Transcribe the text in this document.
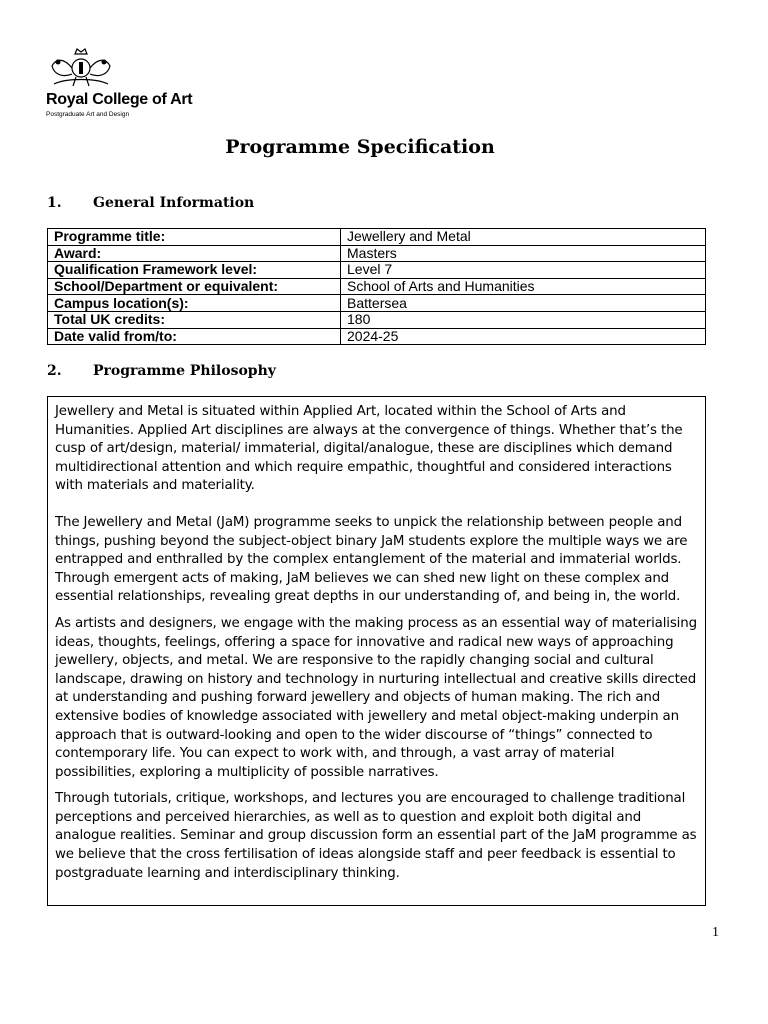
Royal College of Art
Postgraduate Art and Design
Programme Specification
1. General Information
Programme title:	Jewellery and Metal
Award:	Masters
Qualification Framework level:	Level 7
School/Department or equivalent:	School of Arts and Humanities
Campus location(s):	Battersea
Total UK credits:	180
Date valid from/to:	2024-25
2. Programme Philosophy

Jewellery and Metal is situated within Applied Art, located within the School of Arts and Humanities. Applied Art disciplines are always at the convergence of things. Whether that’s the cusp of art/design, material/ immaterial, digital/analogue, these are disciplines which demand multidirectional attention and which require empathic, thoughtful and considered interactions with materials and materiality.

The Jewellery and Metal (JaM) programme seeks to unpick the relationship between people and things, pushing beyond the subject-object binary JaM students explore the multiple ways we are entrapped and enthralled by the complex entanglement of the material and immaterial worlds. Through emergent acts of making, JaM believes we can shed new light on these complex and essential relationships, revealing great depths in our understanding of, and being in, the world.

As artists and designers, we engage with the making process as an essential way of materialising ideas, thoughts, feelings, offering a space for innovative and radical new ways of approaching jewellery, objects, and metal. We are responsive to the rapidly changing social and cultural landscape, drawing on history and technology in nurturing intellectual and creative skills directed at understanding and pushing forward jewellery and objects of human making. The rich and extensive bodies of knowledge associated with jewellery and metal object-making underpin an approach that is outward-looking and open to the wider discourse of “things” connected to contemporary life. You can expect to work with, and through, a vast array of material possibilities, exploring a multiplicity of possible narratives.

Through tutorials, critique, workshops, and lectures you are encouraged to challenge traditional perceptions and perceived hierarchies, as well as to question and exploit both digital and analogue realities. Seminar and group discussion form an essential part of the JaM programme as we believe that the cross fertilisation of ideas alongside staff and peer feedback is essential to postgraduate learning and interdisciplinary thinking.

1
